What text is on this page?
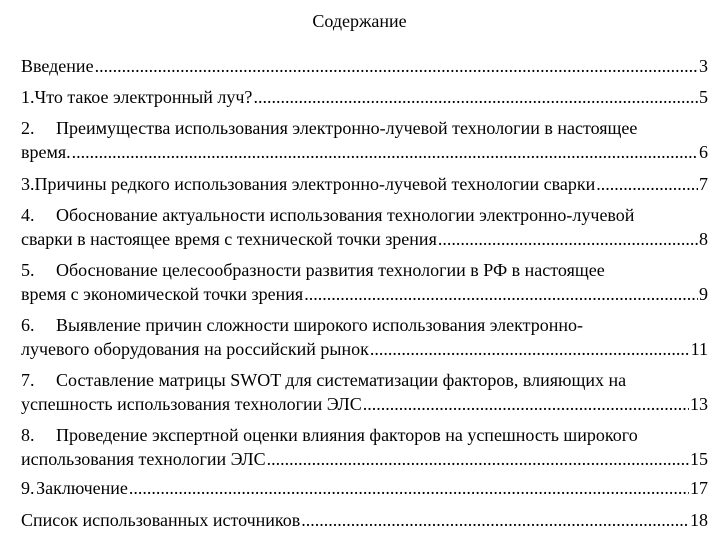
Содержание
Введение .....	3
1. Что такое электронный луч? .....	5
2.	Преимущества использования электронно-лучевой технологии в настоящее
время. .....	6
3. Причины редкого использования электронно-лучевой технологии сварки .....	7
4.	Обоснование актуальности использования технологии электронно-лучевой
сварки в настоящее время с технической точки зрения .....	8
5.	Обоснование целесообразности развития технологии в РФ в настоящее
время с экономической точки зрения .....	9
6.	Выявление причин сложности широкого использования электронно-
лучевого оборудования на российский рынок .....	11
7.	Составление матрицы SWOT для систематизации факторов, влияющих на
успешность использования технологии ЭЛС .....	13
8.	Проведение экспертной оценки влияния факторов на успешность широкого
использования технологии ЭЛС .....	15
9. Заключение .....	17
Список использованных источников .....	18
